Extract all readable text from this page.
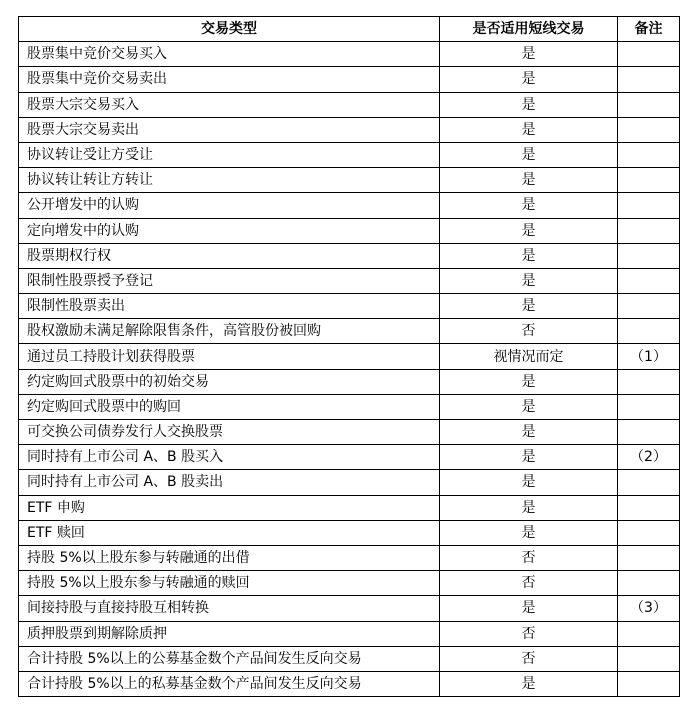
交易类型	是否适用短线交易	备注
股票集中竞价交易买入	是	
股票集中竞价交易卖出	是	
股票大宗交易买入	是	
股票大宗交易卖出	是	
协议转让受让方受让	是	
协议转让转让方转让	是	
公开增发中的认购	是	
定向增发中的认购	是	
股票期权行权	是	
限制性股票授予登记	是	
限制性股票卖出	是	
股权激励未满足解除限售条件，高管股份被回购	否	
通过员工持股计划获得股票	视情况而定	（1）
约定购回式股票中的初始交易	是	
约定购回式股票中的购回	是	
可交换公司债券发行人交换股票	是	
同时持有上市公司 A、B 股买入	是	（2）
同时持有上市公司 A、B 股卖出	是	
ETF 申购	是	
ETF 赎回	是	
持股 5%以上股东参与转融通的出借	否	
持股 5%以上股东参与转融通的赎回	否	
间接持股与直接持股互相转换	是	（3）
质押股票到期解除质押	否	
合计持股 5%以上的公募基金数个产品间发生反向交易	否	
合计持股 5%以上的私募基金数个产品间发生反向交易	是	
